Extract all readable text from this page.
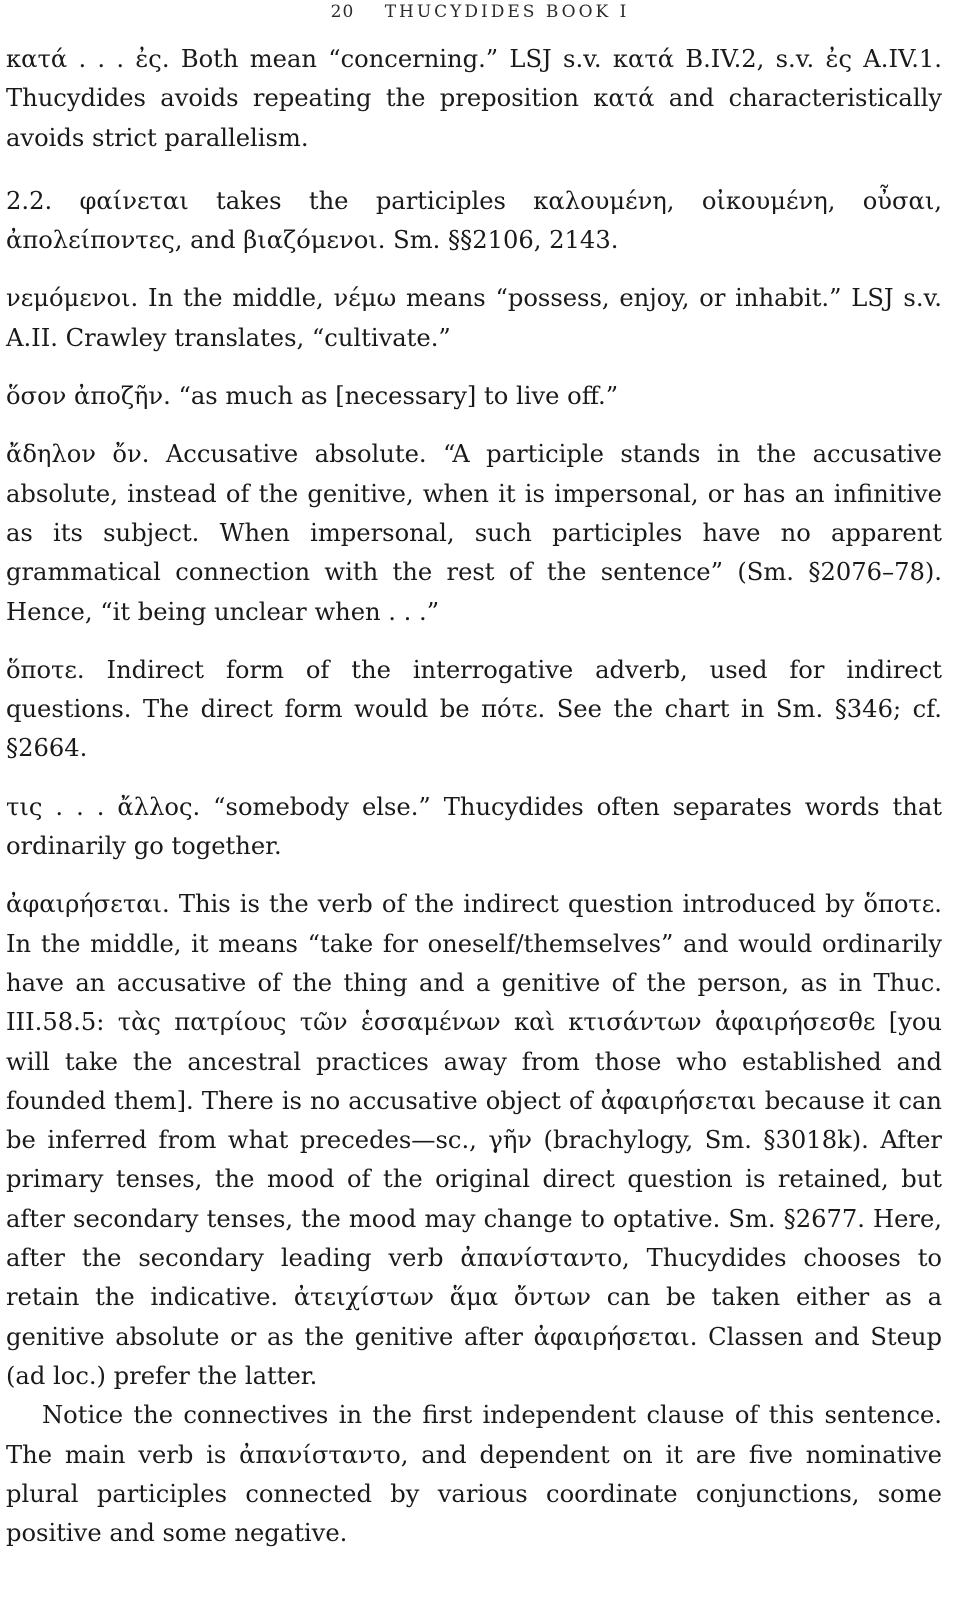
20 THUCYDIDES BOOK I

κατά . . . ἐς. Both mean “concerning.” LSJ s.v. κατά B.IV.2, s.v. ἐς A.IV.1. Thucydides avoids repeating the preposition κατά and characteristically avoids strict parallelism.

2.2. φαίνεται takes the participles καλουμένη, οἰκουμένη, οὖσαι, ἀπολείποντες, and βιαζόμενοι. Sm. §§2106, 2143.

νεμόμενοι. In the middle, νέμω means “possess, enjoy, or inhabit.” LSJ s.v. A.II. Crawley translates, “cultivate.”

ὅσον ἀποζῆν. “as much as [necessary] to live off.”

ἄδηλον ὄν. Accusative absolute. “A participle stands in the accusative absolute, instead of the genitive, when it is impersonal, or has an infinitive as its subject. When impersonal, such participles have no apparent grammatical connection with the rest of the sentence” (Sm. §2076–78). Hence, “it being unclear when . . .”

ὅποτε. Indirect form of the interrogative adverb, used for indirect questions. The direct form would be πότε. See the chart in Sm. §346; cf. §2664.

τις . . . ἄλλος. “somebody else.” Thucydides often separates words that ordinarily go together.

ἀφαιρήσεται. This is the verb of the indirect question introduced by ὅποτε. In the middle, it means “take for oneself/themselves” and would ordinarily have an accusative of the thing and a genitive of the person, as in Thuc. III.58.5: τὰς πατρίους τῶν ἑσσαμένων καὶ κτισάντων ἀφαιρήσεσθε [you will take the ancestral practices away from those who established and founded them]. There is no accusative object of ἀφαιρήσεται because it can be inferred from what precedes—sc., γῆν (brachylogy, Sm. §3018k). After primary tenses, the mood of the original direct question is retained, but after secondary tenses, the mood may change to optative. Sm. §2677. Here, after the secondary leading verb ἀπανίσταντο, Thucydides chooses to retain the indicative. ἀτειχίστων ἅμα ὄντων can be taken either as a genitive absolute or as the genitive after ἀφαιρήσεται. Classen and Steup (ad loc.) prefer the latter.

Notice the connectives in the first independent clause of this sentence. The main verb is ἀπανίσταντο, and dependent on it are five nominative plural participles connected by various coordinate conjunctions, some positive and some negative.
